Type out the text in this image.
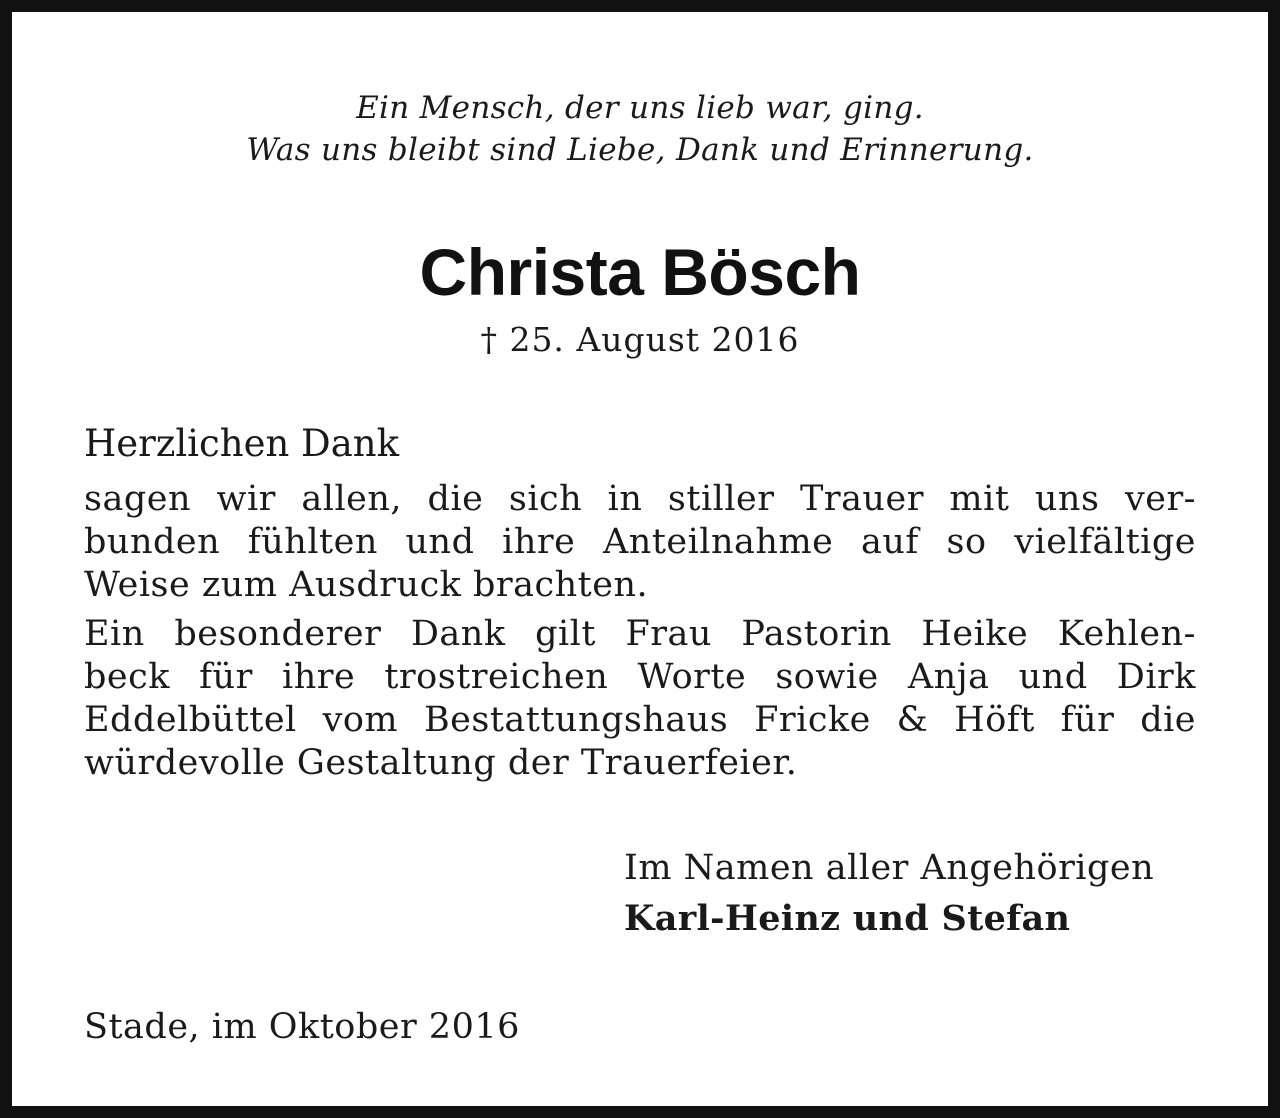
Ein Mensch, der uns lieb war, ging.

Was uns bleibt sind Liebe, Dank und Erinnerung.

Christa Bösch

† 25. August 2016

Herzlichen Dank

sagen wir allen, die sich in stiller Trauer mit uns ver-
bunden fühlten und ihre Anteilnahme auf so vielfältige
Weise zum Ausdruck brachten.

Ein besonderer Dank gilt Frau Pastorin Heike Kehlen-
beck für ihre trostreichen Worte sowie Anja und Dirk
Eddelbüttel vom Bestattungshaus Fricke & Höft für die
würdevolle Gestaltung der Trauerfeier.

Im Namen aller Angehörigen

Karl-Heinz und Stefan

Stade, im Oktober 2016
